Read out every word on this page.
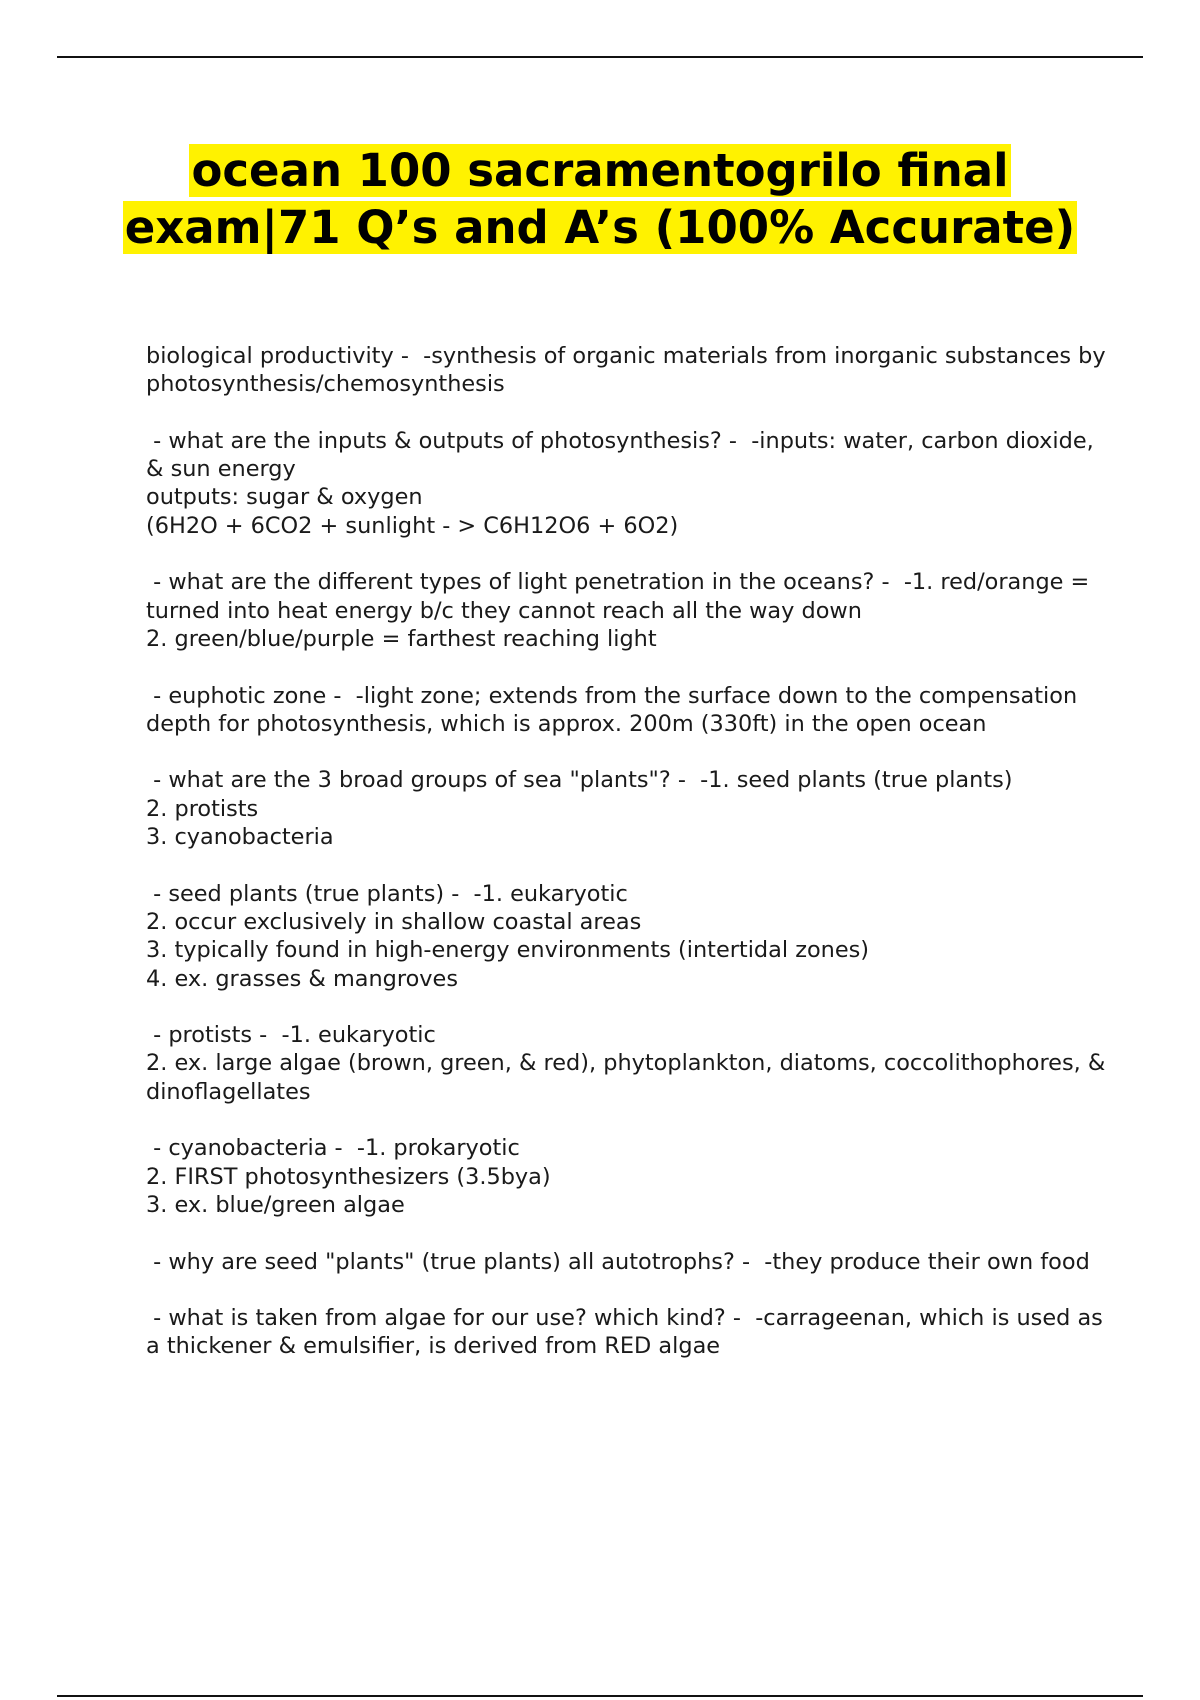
ocean 100 sacramentogrilo final exam|71 Q’s and A’s (100% Accurate)
biological productivity -  -synthesis of organic materials from inorganic substances by photosynthesis/chemosynthesis
- what are the inputs & outputs of photosynthesis? -  -inputs: water, carbon dioxide, & sun energy
outputs: sugar & oxygen
(6H2O + 6CO2 + sunlight - > C6H12O6 + 6O2)
- what are the different types of light penetration in the oceans? -  -1. red/orange = turned into heat energy b/c they cannot reach all the way down
2. green/blue/purple = farthest reaching light
- euphotic zone -  -light zone; extends from the surface down to the compensation depth for photosynthesis, which is approx. 200m (330ft) in the open ocean
- what are the 3 broad groups of sea "plants"? -  -1. seed plants (true plants)
2. protists
3. cyanobacteria
- seed plants (true plants) -  -1. eukaryotic
2. occur exclusively in shallow coastal areas
3. typically found in high-energy environments (intertidal zones)
4. ex. grasses & mangroves
- protists -  -1. eukaryotic
2. ex. large algae (brown, green, & red), phytoplankton, diatoms, coccolithophores, & dinoflagellates
- cyanobacteria -  -1. prokaryotic
2. FIRST photosynthesizers (3.5bya)
3. ex. blue/green algae
- why are seed "plants" (true plants) all autotrophs? -  -they produce their own food
- what is taken from algae for our use? which kind? -  -carrageenan, which is used as a thickener & emulsifier, is derived from RED algae
